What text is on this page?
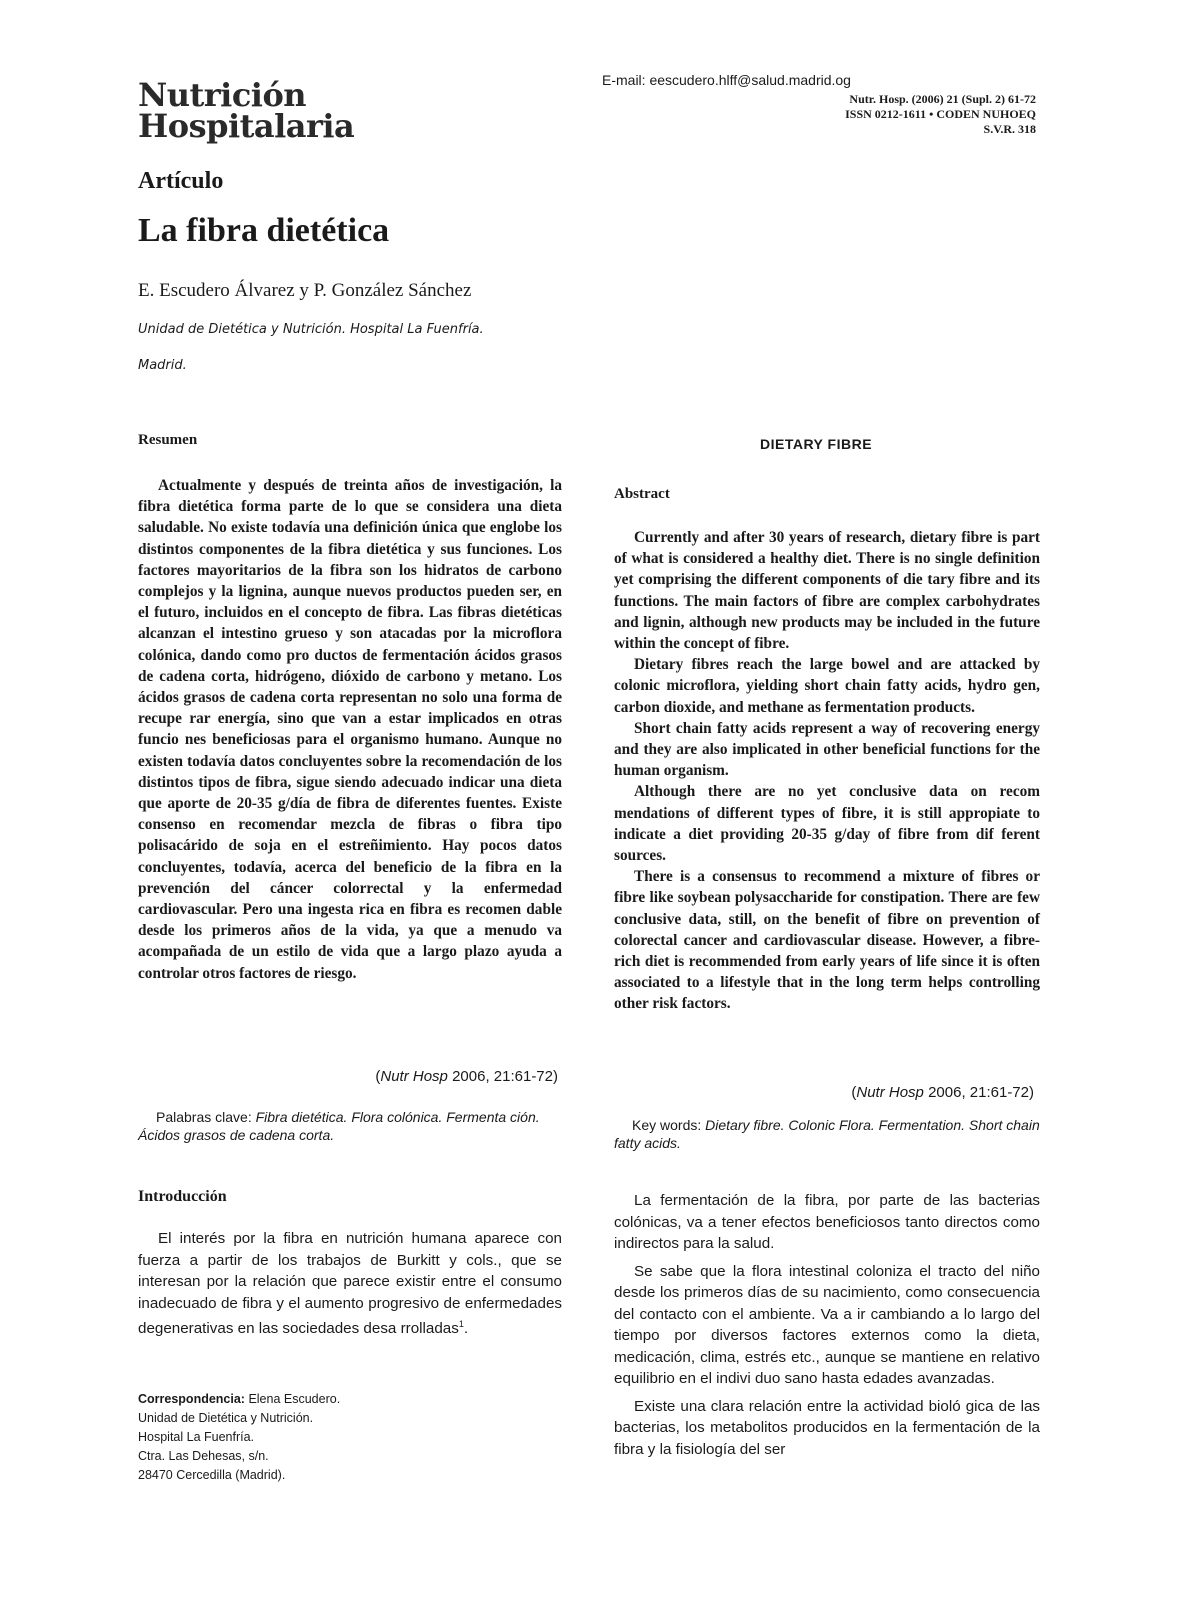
Nutrición
Hospitalaria
E-mail: eescudero.hlff@salud.madrid.og
Nutr. Hosp. (2006) 21 (Supl. 2) 61-72
ISSN 0212-1611 • CODEN NUHOEQ
S.V.R. 318
Artículo
La fibra dietética
E. Escudero Álvarez y P. González Sánchez
Unidad de Dietética y Nutrición. Hospital La Fuenfría.
Madrid.
Resumen

Actualmente y después de treinta años de investigación, la fibra dietética forma parte de lo que se considera una dieta saludable. No existe todavía una definición única que englobe los distintos componentes de la fibra dietética y sus funciones. Los factores mayoritarios de la fibra son los hidratos de carbono complejos y la lignina, aunque nuevos productos pueden ser, en el futuro, incluidos en el concepto de fibra. Las fibras dietéticas alcanzan el intestino grueso y son atacadas por la microflora colónica, dando como pro ductos de fermentación ácidos grasos de cadena corta, hidrógeno, dióxido de carbono y metano. Los ácidos grasos de cadena corta representan no solo una forma de recupe rar energía, sino que van a estar implicados en otras funcio nes beneficiosas para el organismo humano. Aunque no existen todavía datos concluyentes sobre la recomendación de los distintos tipos de fibra, sigue siendo adecuado indicar una dieta que aporte de 20-35 g/día de fibra de diferentes fuentes. Existe consenso en recomendar mezcla de fibras o fibra tipo polisacárido de soja en el estreñimiento. Hay pocos datos concluyentes, todavía, acerca del beneficio de la fibra en la prevención del cáncer colorrectal y la enfermedad cardiovascular. Pero una ingesta rica en fibra es recomen dable desde los primeros años de la vida, ya que a menudo va acompañada de un estilo de vida que a largo plazo ayuda a controlar otros factores de riesgo.

(Nutr Hosp 2006, 21:61-72)
Palabras clave: Fibra dietética. Flora colónica. Fermenta ción. Ácidos grasos de cadena corta.
DIETARY FIBRE
Abstract

Currently and after 30 years of research, dietary fibre is part of what is considered a healthy diet. There is no single definition yet comprising the different components of die tary fibre and its functions. The main factors of fibre are complex carbohydrates and lignin, although new products may be included in the future within the concept of fibre.

Dietary fibres reach the large bowel and are attacked by colonic microflora, yielding short chain fatty acids, hydro gen, carbon dioxide, and methane as fermentation products.

Short chain fatty acids represent a way of recovering energy and they are also implicated in other beneficial functions for the human organism.

Although there are no yet conclusive data on recom mendations of different types of fibre, it is still appropiate to indicate a diet providing 20-35 g/day of fibre from dif ferent sources.

There is a consensus to recommend a mixture of fibres or fibre like soybean polysaccharide for constipation. There are few conclusive data, still, on the benefit of fibre on prevention of colorectal cancer and cardiovascular disease. However, a fibre-rich diet is recommended from early years of life since it is often associated to a lifestyle that in the long term helps controlling other risk factors.

(Nutr Hosp 2006, 21:61-72)
Key words: Dietary fibre. Colonic Flora. Fermentation. Short chain fatty acids.
Introducción

El interés por la fibra en nutrición humana aparece con fuerza a partir de los trabajos de Burkitt y cols., que se interesan por la relación que parece existir entre el consumo inadecuado de fibra y el aumento progresivo de enfermedades degenerativas en las sociedades desa rrolladas$^1$.

Correspondencia: Elena Escudero.
Unidad de Dietética y Nutrición.
Hospital La Fuenfría.
Ctra. Las Dehesas, s/n.
28470 Cercedilla (Madrid).

La fermentación de la fibra, por parte de las bacterias colónicas, va a tener efectos beneficiosos tanto directos como indirectos para la salud.

Se sabe que la flora intestinal coloniza el tracto del niño desde los primeros días de su nacimiento, como consecuencia del contacto con el ambiente. Va a ir cambiando a lo largo del tiempo por diversos factores externos como la dieta, medicación, clima, estrés etc., aunque se mantiene en relativo equilibrio en el indivi duo sano hasta edades avanzadas.

Existe una clara relación entre la actividad bioló gica de las bacterias, los metabolitos producidos en la fermentación de la fibra y la fisiología del ser
